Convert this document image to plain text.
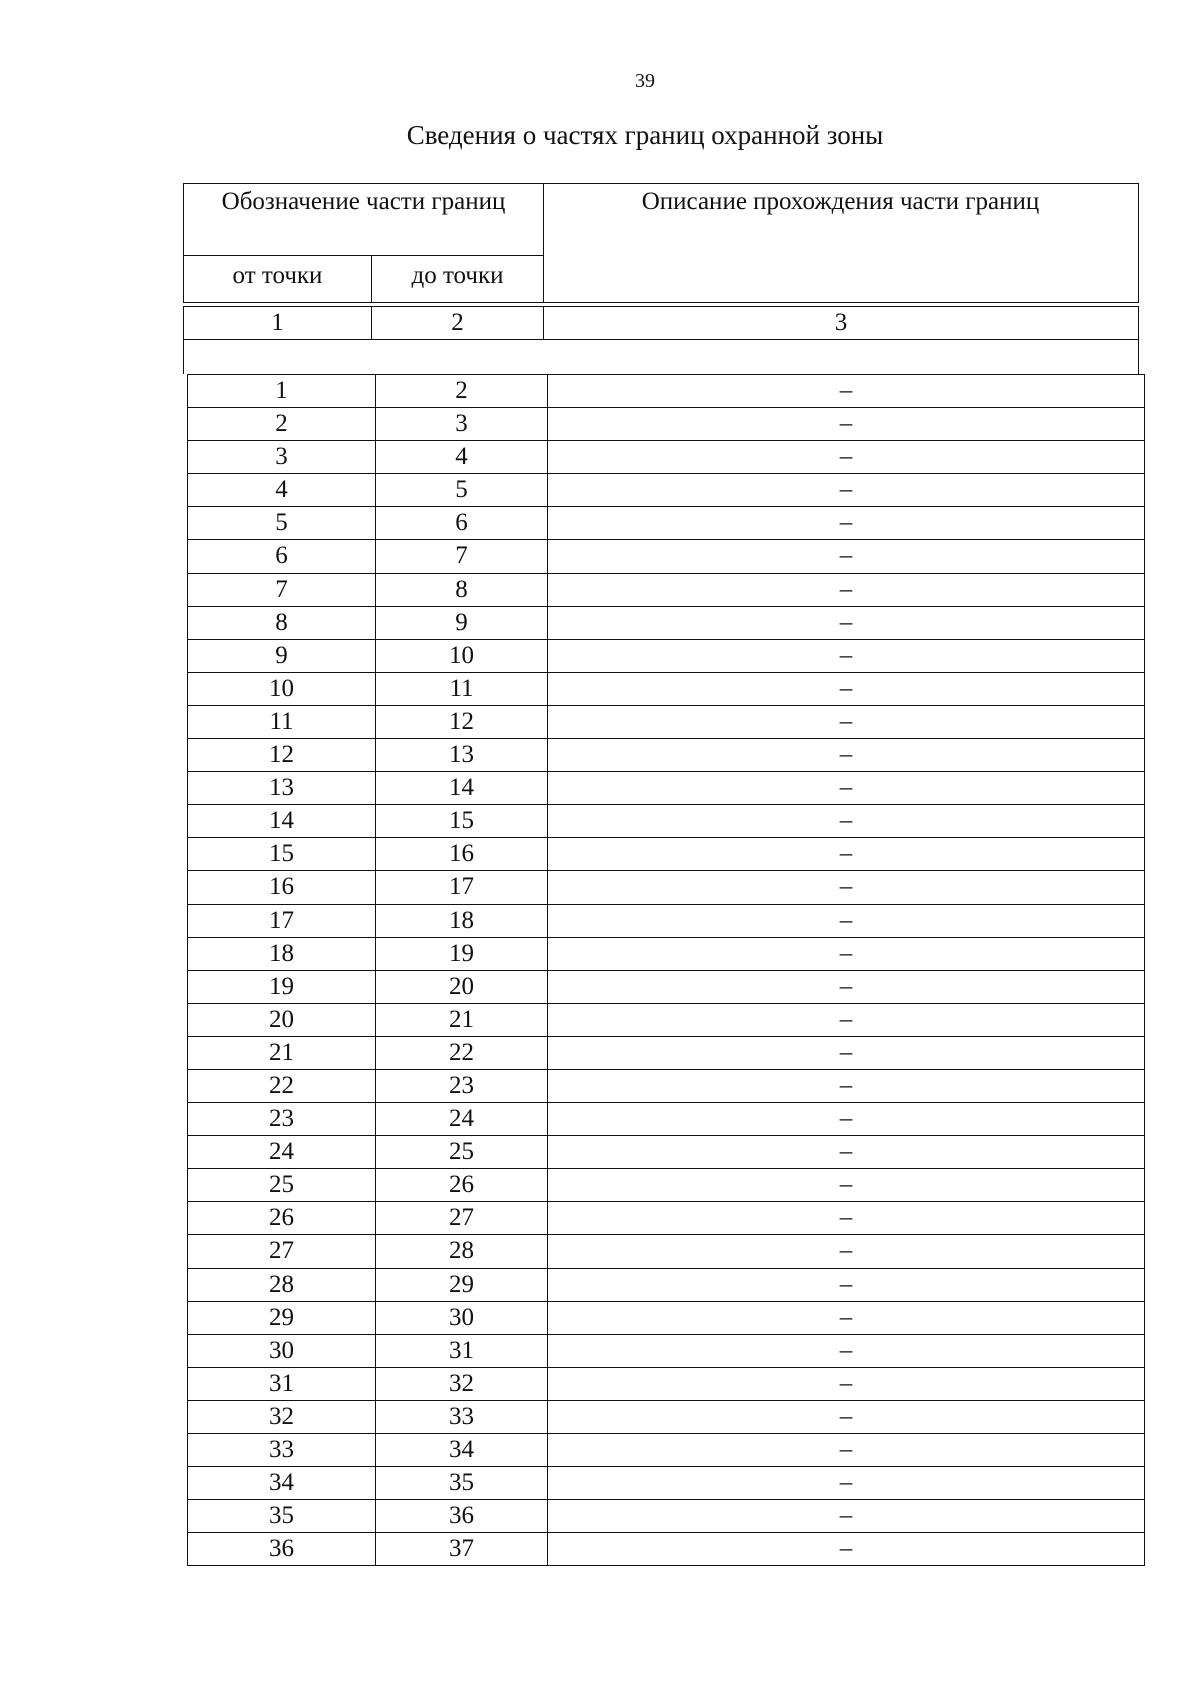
39
Сведения о частях границ охранной зоны
Обозначение части границ
от точки	до точки
Описание прохождения части границ
1	2	3
1	2	–
2	3	–
3	4	–
4	5	–
5	6	–
6	7	–
7	8	–
8	9	–
9	10	–
10	11	–
11	12	–
12	13	–
13	14	–
14	15	–
15	16	–
16	17	–
17	18	–
18	19	–
19	20	–
20	21	–
21	22	–
22	23	–
23	24	–
24	25	–
25	26	–
26	27	–
27	28	–
28	29	–
29	30	–
30	31	–
31	32	–
32	33	–
33	34	–
34	35	–
35	36	–
36	37	–
